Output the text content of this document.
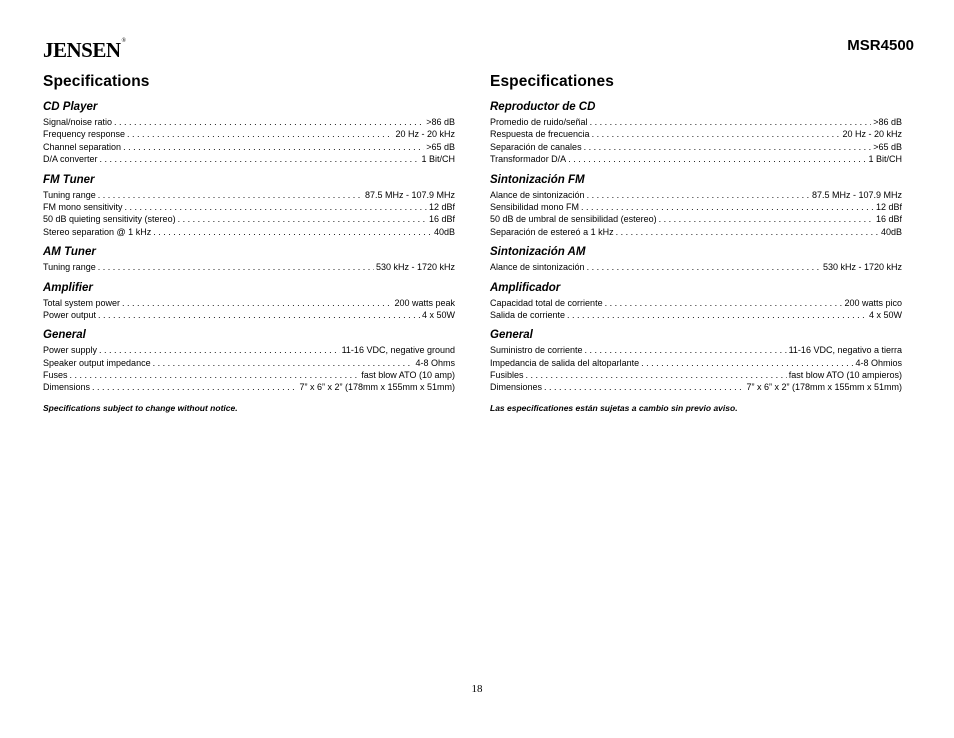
JENSEN®	MSR4500
Specifications
CD Player
Signal/noise ratio . . .	>86 dB
Frequency response . . .	20 Hz - 20 kHz
Channel separation . . .	>65 dB
D/A converter . . .	1 Bit/CH
FM Tuner
Tuning range . . .	87.5 MHz - 107.9 MHz
FM mono sensitivity . . .	12 dBf
50 dB quieting sensitivity (stereo) . . .	16 dBf
Stereo separation @ 1 kHz . . .	40dB
AM Tuner
Tuning range . . .	530 kHz - 1720 kHz
Amplifier
Total system power . . .	200 watts peak
Power output . . .	4 x 50W
General
Power supply . . .	11-16 VDC, negative ground
Speaker output impedance . . .	4-8 Ohms
Fuses . . .	fast blow ATO (10 amp)
Dimensions . . .	7” x 6” x 2” (178mm x 155mm x 51mm)
Specifications subject to change without notice.
Especificationes
Reproductor de CD
Promedio de ruido/señal . . .	>86 dB
Respuesta de frecuencia . . .	20 Hz - 20 kHz
Separación de canales . . .	>65 dB
Transformador D/A . . .	1 Bit/CH
Sintonización FM
Alance de sintonización . . .	87.5 MHz - 107.9 MHz
Sensibilidad mono FM . . .	12 dBf
50 dB de umbral de sensibilidad (estereo) . . .	16 dBf
Separación de estereó a 1 kHz . . .	40dB
Sintonización AM
Alance de sintonización . . .	530 kHz - 1720 kHz
Amplificador
Capacidad total de corriente . . .	200 watts pico
Salida de corriente . . .	4 x 50W
General
Suministro de corriente . . .	11-16 VDC, negativo a tierra
Impedancia de salida del altoparlante . . .	4-8 Ohmios
Fusibles . . .	fast blow ATO (10 ampieros)
Dimensiones . . .	7” x 6” x 2” (178mm x 155mm x 51mm)
Las especificationes están sujetas a cambio sin previo aviso.
18
